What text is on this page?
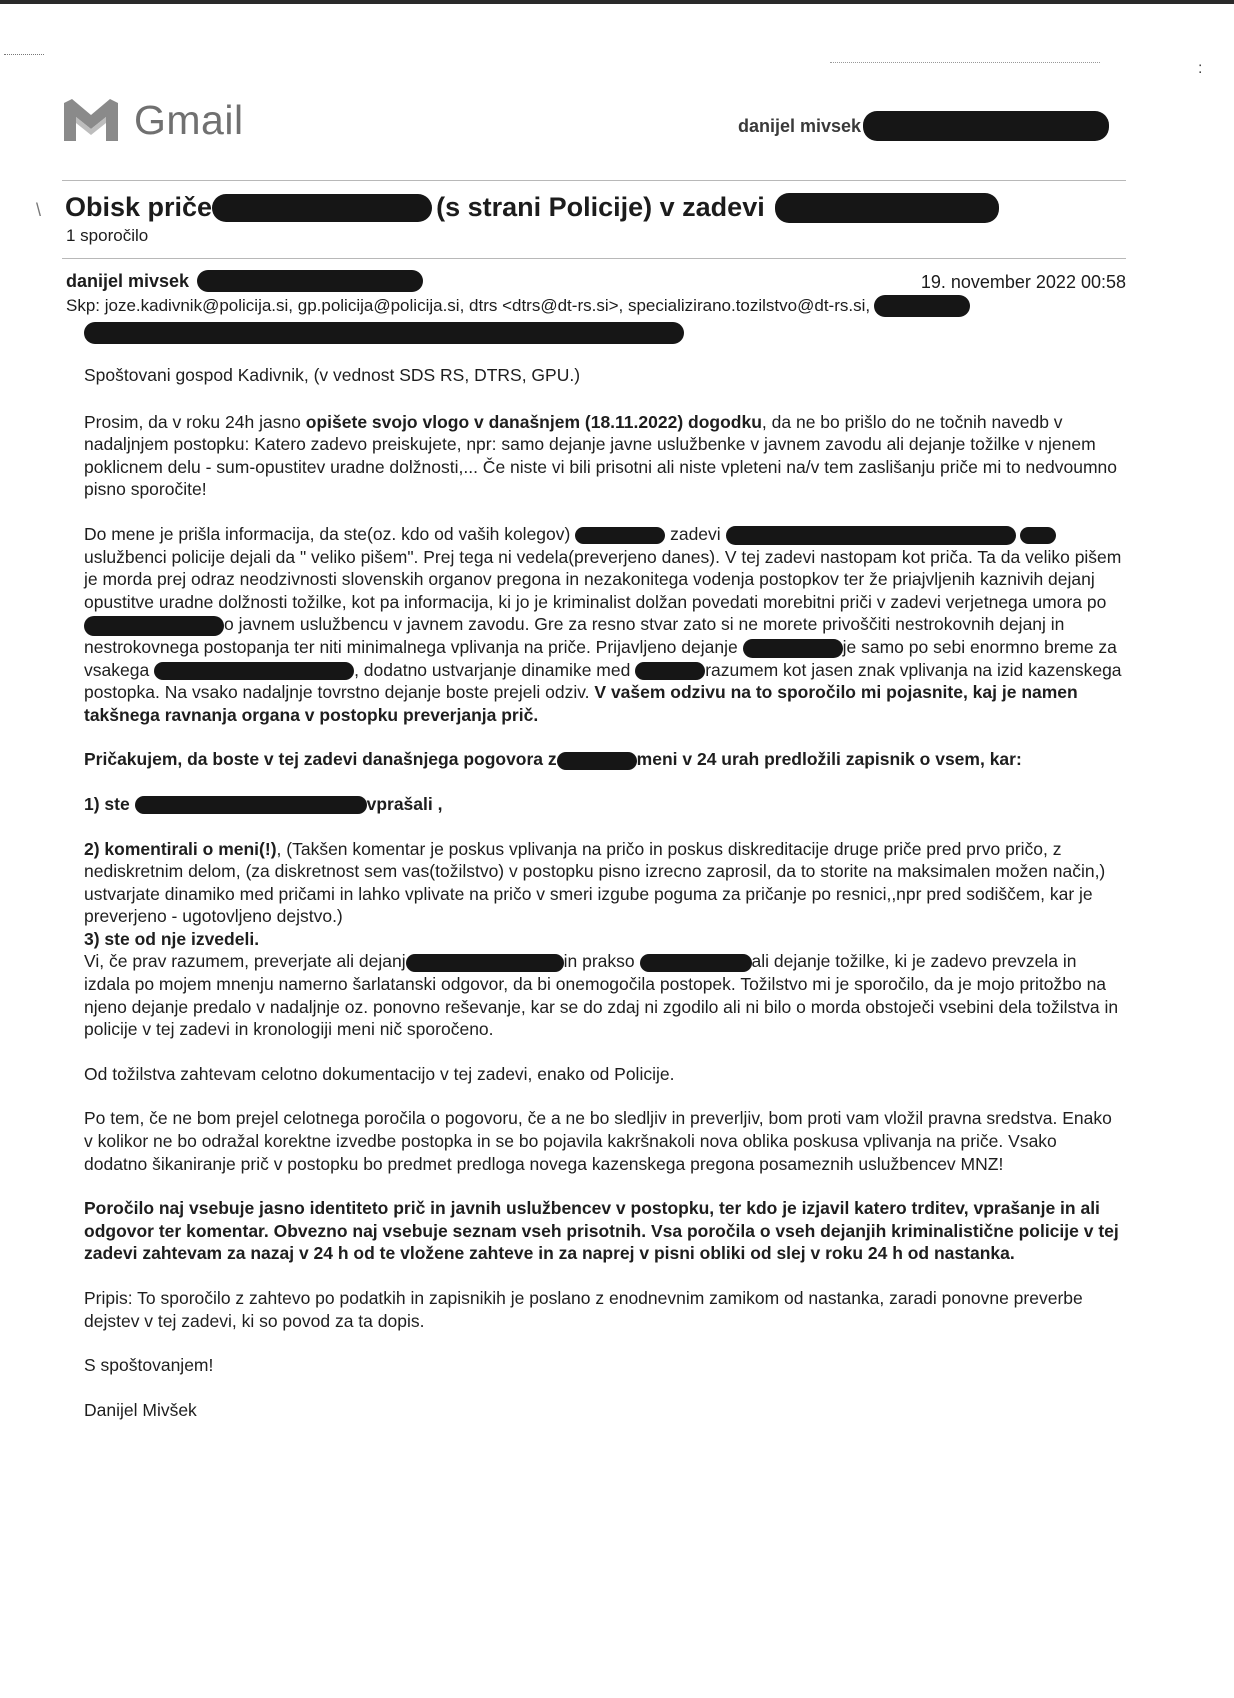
:
\
Gmail	danijel mivsek
Obisk priče	(s strani Policije) v zadevi
1 sporočilo
danijel mivsek	19. november 2022 00:58
Skp: joze.kadivnik@policija.si, gp.policija@policija.si, dtrs <dtrs@dt-rs.si>, specializirano.tozilstvo@dt-rs.si,

Spoštovani gospod Kadivnik, (v vednost SDS RS, DTRS, GPU.)

Prosim, da v roku 24h jasno opišete svojo vlogo v današnjem (18.11.2022) dogodku, da ne bo prišlo do ne točnih navedb v nadaljnjem postopku: Katero zadevo preiskujete, npr: samo dejanje javne uslužbenke v javnem zavodu ali dejanje tožilke v njenem poklicnem delu - sum-opustitev uradne dolžnosti,... Če niste vi bili prisotni ali niste vpleteni na/v tem zaslišanju priče mi to nedvoumno pisno sporočite!

Do mene je prišla informacija, da ste(oz. kdo od vaših kolegov)	zadevi  uslužbenci policije dejali da " veliko pišem". Prej tega ni vedela(preverjeno danes). V tej zadevi nastopam kot priča. Ta da veliko pišem je morda prej odraz neodzivnosti slovenskih organov pregona in nezakonitega vodenja postopkov ter že priajvljenih kaznivih dejanj opustitve uradne dolžnosti tožilke, kot pa informacija, ki jo je kriminalist dolžan povedati morebitni priči v zadevi verjetnega umora po o javnem uslužbencu v javnem zavodu. Gre za resno stvar zato si ne morete privoščiti nestrokovnih dejanj in nestrokovnega postopanja ter niti minimalnega vplivanja na priče. Prijavljeno dejanje	je samo po sebi enormno breme za vsakega	, dodatno ustvarjanje dinamike med	razumem kot jasen znak vplivanja na izid kazenskega postopka. Na vsako nadaljnje tovrstno dejanje boste prejeli odziv. V vašem odzivu na to sporočilo mi pojasnite, kaj je namen takšnega ravnanja organa v postopku preverjanja prič.

Pričakujem, da boste v tej zadevi današnjega pogovora z	meni v 24 urah predložili zapisnik o vsem, kar:

1) ste	vprašali ,

2) komentirali o meni(!), (Takšen komentar je poskus vplivanja na pričo in poskus diskreditacije druge priče pred prvo pričo, z nediskretnim delom, (za diskretnost sem vas(tožilstvo) v postopku pisno izrecno zaprosil, da to storite na maksimalen možen način,) ustvarjate dinamiko med pričami in lahko vplivate na pričo v smeri izgube poguma za pričanje po resnici,,npr pred sodiščem, kar je preverjeno - ugotovljeno dejstvo.)

3) ste od nje izvedeli.

Vi, če prav razumem, preverjate ali dejanj	in prakso	ali dejanje tožilke, ki je zadevo prevzela in izdala po mojem mnenju namerno šarlatanski odgovor, da bi onemogočila postopek. Tožilstvo mi je sporočilo, da je mojo pritožbo na njeno dejanje predalo v nadaljnje oz. ponovno reševanje, kar se do zdaj ni zgodilo ali ni bilo o morda obstoječi vsebini dela tožilstva in policije v tej zadevi in kronologiji meni nič sporočeno.

Od tožilstva zahtevam celotno dokumentacijo v tej zadevi, enako od Policije.

Po tem, če ne bom prejel celotnega poročila o pogovoru, če a ne bo sledljiv in preverljiv, bom proti vam vložil pravna sredstva. Enako v kolikor ne bo odražal korektne izvedbe postopka in se bo pojavila kakršnakoli nova oblika poskusa vplivanja na priče. Vsako dodatno šikaniranje prič v postopku bo predmet predloga novega kazenskega pregona posameznih uslužbencev MNZ!

Poročilo naj vsebuje jasno identiteto prič in javnih uslužbencev v postopku, ter kdo je izjavil katero trditev, vprašanje in ali odgovor ter komentar. Obvezno naj vsebuje seznam vseh prisotnih. Vsa poročila o vseh dejanjih kriminalistične policije v tej zadevi zahtevam za nazaj v 24 h od te vložene zahteve in za naprej v pisni obliki od slej v roku 24 h od nastanka.

Pripis: To sporočilo z zahtevo po podatkih in zapisnikih je poslano z enodnevnim zamikom od nastanka, zaradi ponovne preverbe dejstev v tej zadevi, ki so povod za ta dopis.

S spoštovanjem!

Danijel Mivšek
